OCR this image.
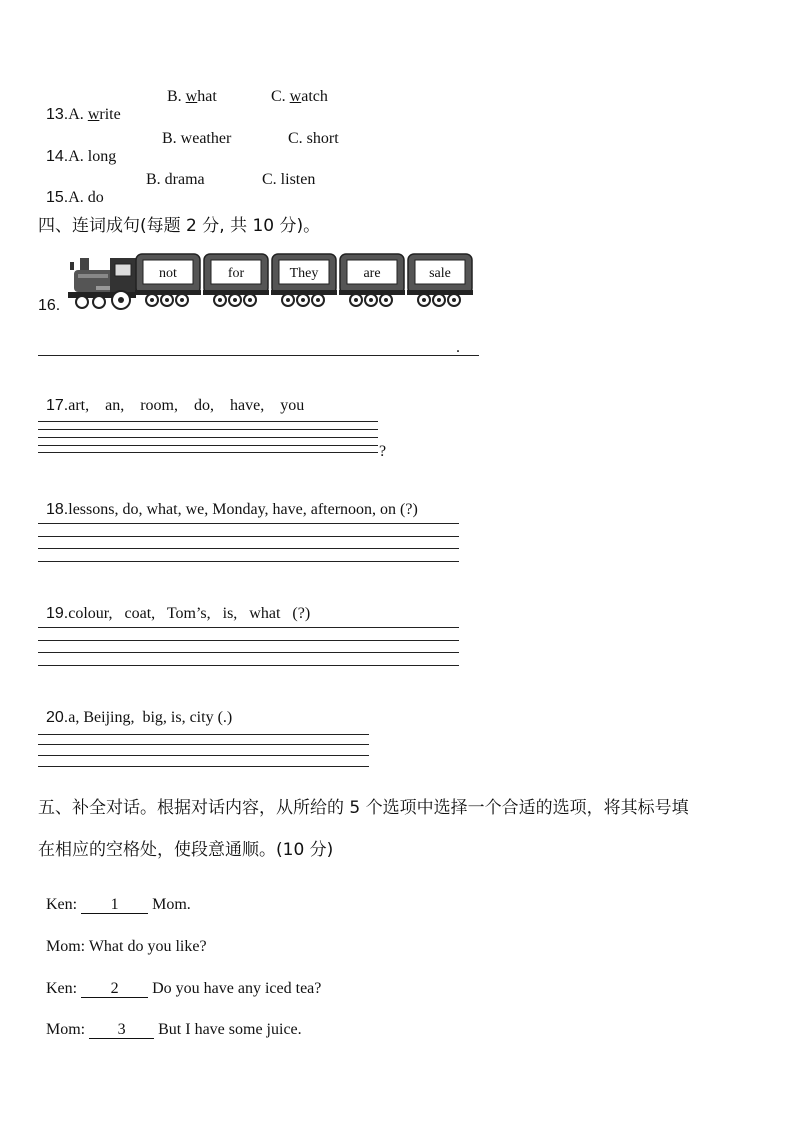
13.A. write

B. what	C. watch

14.A. long

B. weather	C. short

15.A. do

B. drama	C. listen
四、连词成句(每题 2 分, 共 10 分)。
16.
not	for	They	are	sale
.

17.art,    an,    room,    do,    have,    you

?

18.lessons, do, what, we, Monday, have, afternoon, on (?)

19.colour,   coat,   Tom’s,   is,   what   (?)

20.a, Beijing,  big, is, city (.)

五、补全对话。根据对话内容，从所给的 5 个选项中选择一个合适的选项，将其标号填
在相应的空格处，使段意通顺。(10 分)

Ken: 1 Mom.

Mom: What do you like?

Ken: 2 Do you have any iced tea?

Mom: 3 But I have some juice.
